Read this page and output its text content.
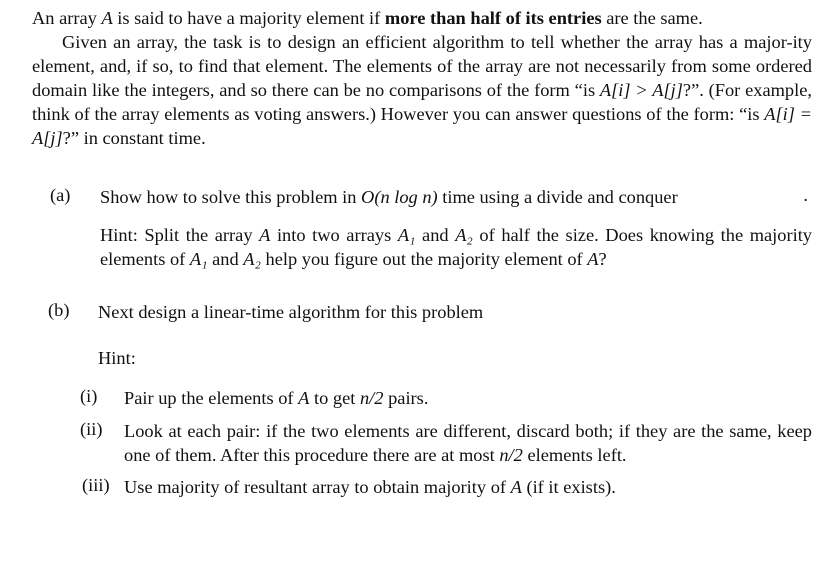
An array A is said to have a majority element if more than half of its entries are the same.

Given an array, the task is to design an efficient algorithm to tell whether the array has a major-ity element, and, if so, to find that element. The elements of the array are not necessarily from some ordered domain like the integers, and so there can be no comparisons of the form “is A[i] > A[j]?”. (For example, think of the array elements as voting answers.) However you can answer questions of the form: “is A[i] = A[j]?” in constant time.

(a) Show how to solve this problem in O(n log n) time using a divide and conquer	.

Hint: Split the array A into two arrays A₁ and A₂ of half the size. Does knowing the majority elements of A₁ and A₂ help you figure out the majority element of A?

(b) Next design a linear-time algorithm for this problem

Hint:

(i) Pair up the elements of A to get n/2 pairs.

(ii) Look at each pair: if the two elements are different, discard both; if they are the same, keep one of them. After this procedure there are at most n/2 elements left.

(iii) Use majority of resultant array to obtain majority of A (if it exists).
